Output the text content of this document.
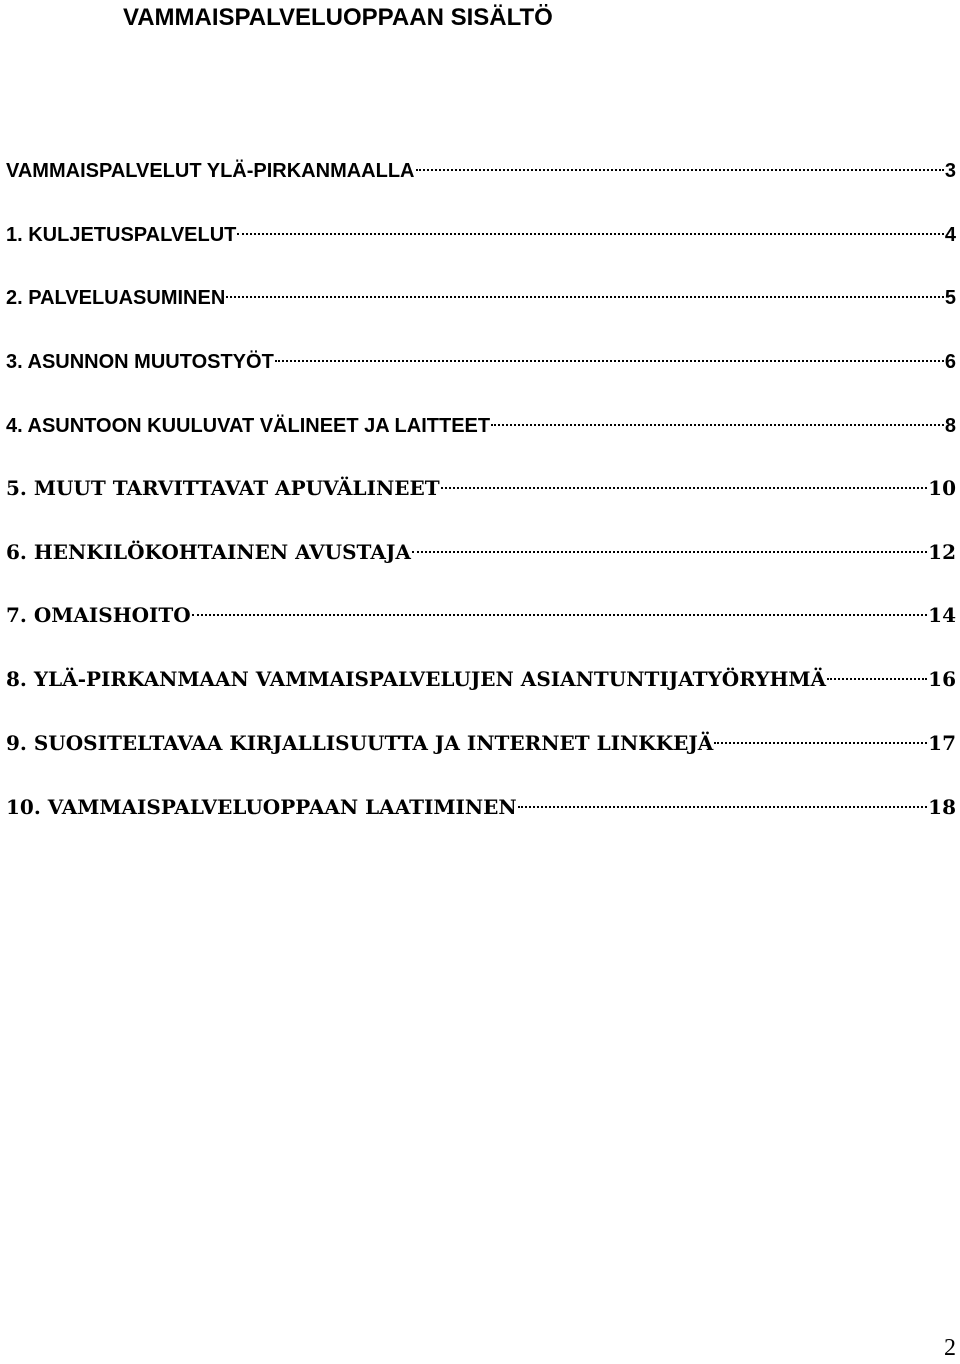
VAMMAISPALVELUOPPAAN SISÄLTÖ
VAMMAISPALVELUT YLÄ-PIRKANMAALLA	3
1. KULJETUSPALVELUT	4
2. PALVELUASUMINEN	5
3. ASUNNON MUUTOSTYÖT	6
4. ASUNTOON KUULUVAT VÄLINEET JA LAITTEET	8
5. MUUT TARVITTAVAT APUVÄLINEET	10
6. HENKILÖKOHTAINEN AVUSTAJA	12
7. OMAISHOITO	14
8. YLÄ-PIRKANMAAN VAMMAISPALVELUJEN ASIANTUNTIJATYÖRYHMÄ	16
9. SUOSITELTAVAA KIRJALLISUUTTA JA INTERNET LINKKEJÄ	17
10. VAMMAISPALVELUOPPAAN LAATIMINEN	18
2
